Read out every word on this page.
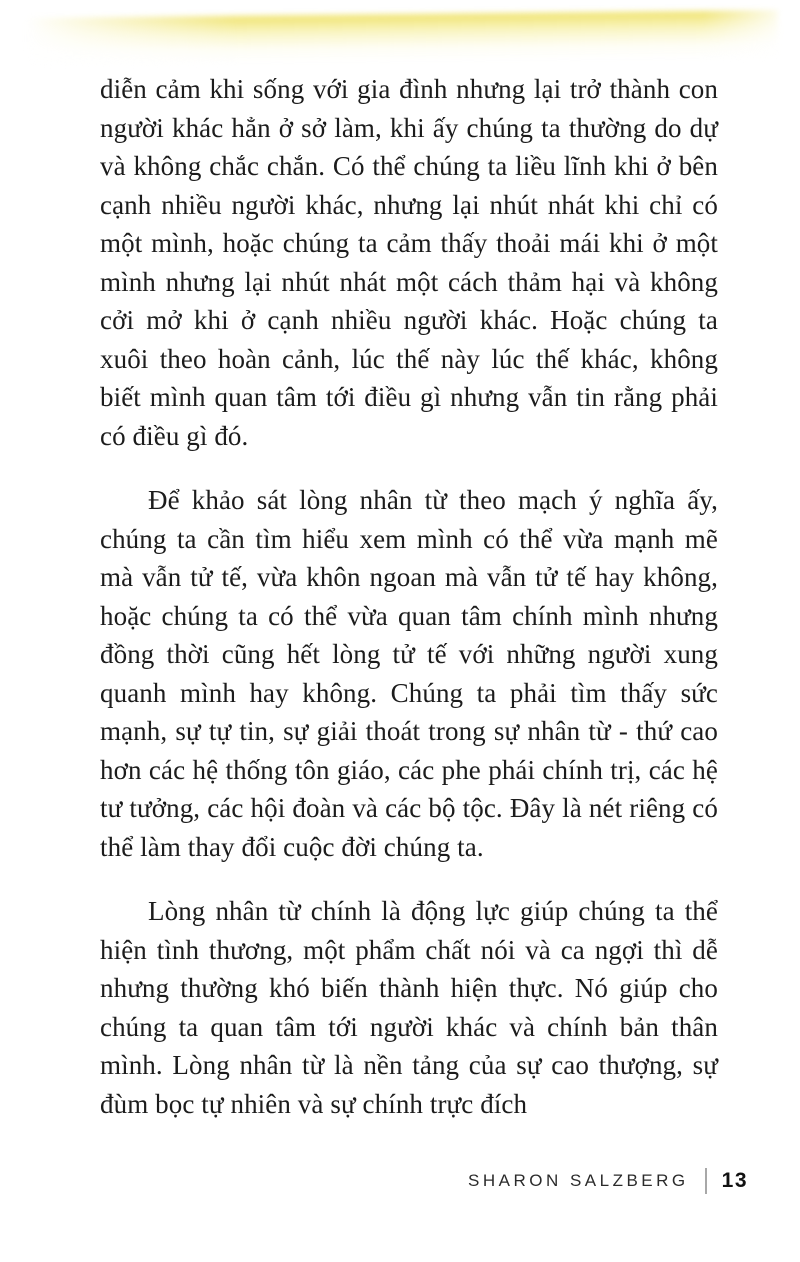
diễn cảm khi sống với gia đình nhưng lại trở thành con người khác hẳn ở sở làm, khi ấy chúng ta thường do dự và không chắc chắn. Có thể chúng ta liều lĩnh khi ở bên cạnh nhiều người khác, nhưng lại nhút nhát khi chỉ có một mình, hoặc chúng ta cảm thấy thoải mái khi ở một mình nhưng lại nhút nhát một cách thảm hại và không cởi mở khi ở cạnh nhiều người khác. Hoặc chúng ta xuôi theo hoàn cảnh, lúc thế này lúc thế khác, không biết mình quan tâm tới điều gì nhưng vẫn tin rằng phải có điều gì đó.

Để khảo sát lòng nhân từ theo mạch ý nghĩa ấy, chúng ta cần tìm hiểu xem mình có thể vừa mạnh mẽ mà vẫn tử tế, vừa khôn ngoan mà vẫn tử tế hay không, hoặc chúng ta có thể vừa quan tâm chính mình nhưng đồng thời cũng hết lòng tử tế với những người xung quanh mình hay không. Chúng ta phải tìm thấy sức mạnh, sự tự tin, sự giải thoát trong sự nhân từ - thứ cao hơn các hệ thống tôn giáo, các phe phái chính trị, các hệ tư tưởng, các hội đoàn và các bộ tộc. Đây là nét riêng có thể làm thay đổi cuộc đời chúng ta.

Lòng nhân từ chính là động lực giúp chúng ta thể hiện tình thương, một phẩm chất nói và ca ngợi thì dễ nhưng thường khó biến thành hiện thực. Nó giúp cho chúng ta quan tâm tới người khác và chính bản thân mình. Lòng nhân từ là nền tảng của sự cao thượng, sự đùm bọc tự nhiên và sự chính trực đích

SHARON SALZBERG 13
